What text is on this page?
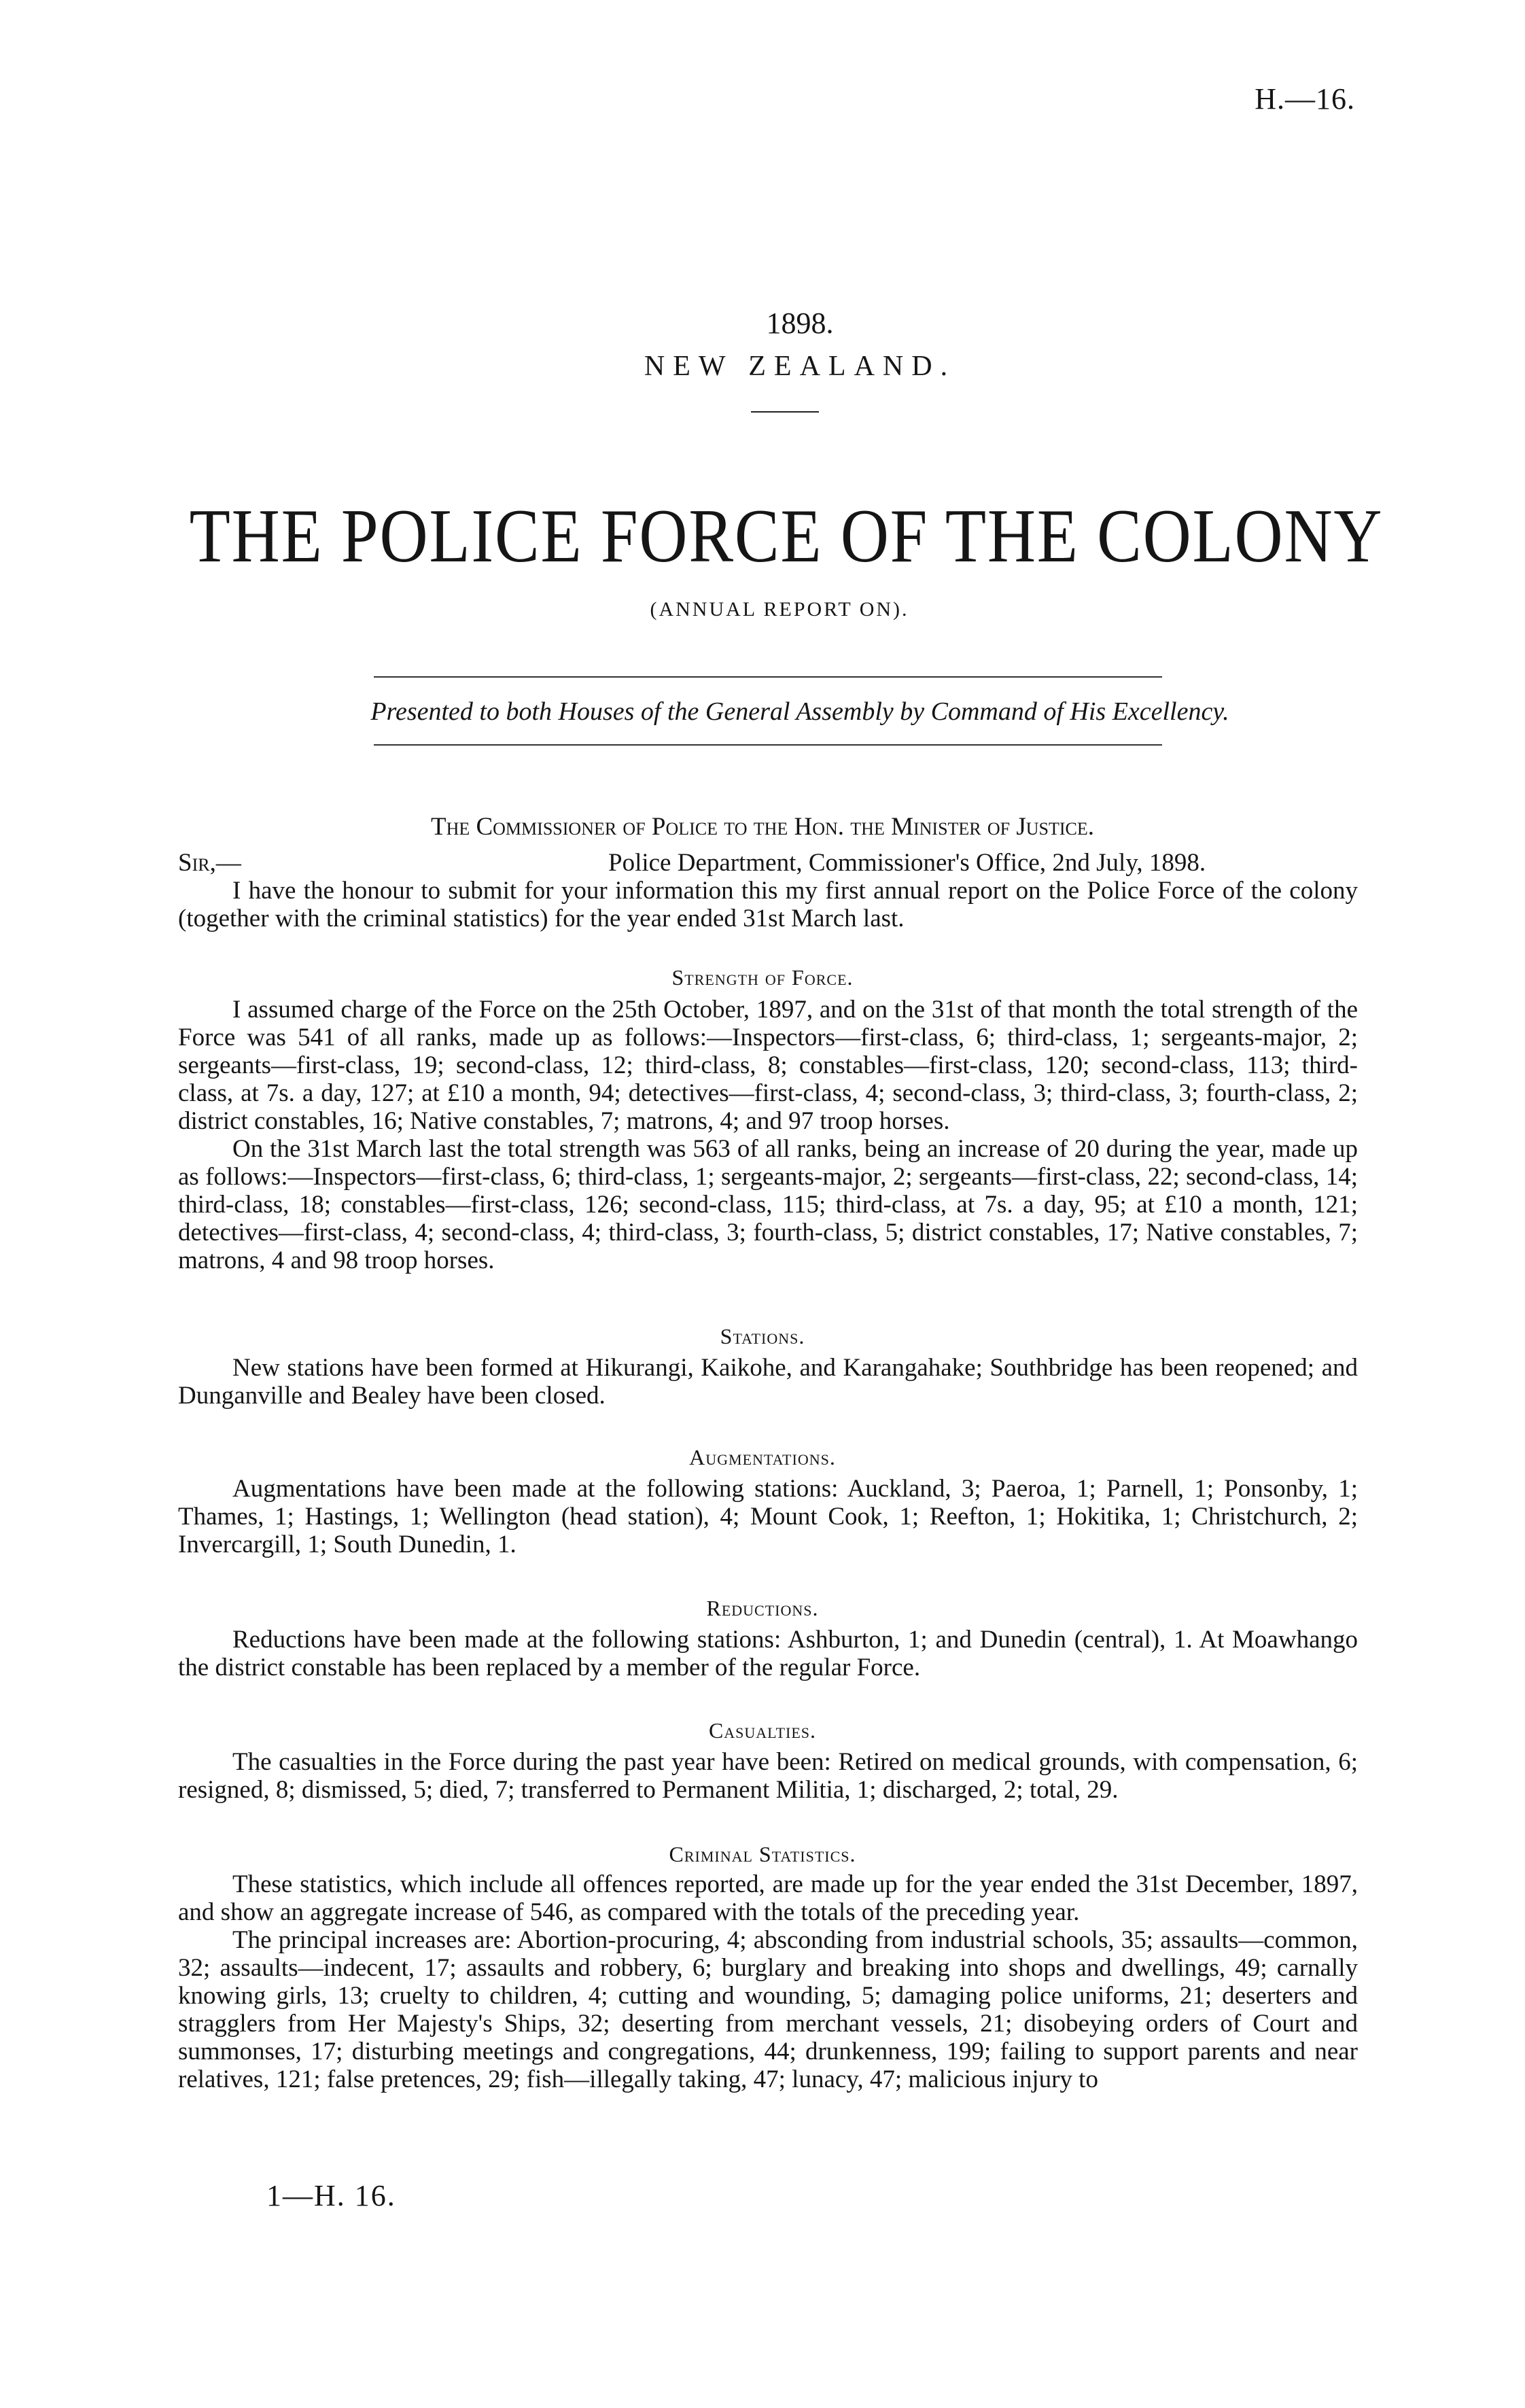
H.—16.
1898.
NEW ZEALAND.
THE POLICE FORCE OF THE COLONY
(ANNUAL REPORT ON).
Presented to both Houses of the General Assembly by Command of His Excellency.
The Commissioner of Police to the Hon. the Minister of Justice.
Sir,—	Police Department, Commissioner's Office, 2nd July, 1898.

I have the honour to submit for your information this my first annual report on the Police Force of the colony (together with the criminal statistics) for the year ended 31st March last.

Strength of Force.

I assumed charge of the Force on the 25th October, 1897, and on the 31st of that month the total strength of the Force was 541 of all ranks, made up as follows:—Inspectors—first-class, 6; third-class, 1; sergeants-major, 2; sergeants—first-class, 19; second-class, 12; third-class, 8; constables—first-class, 120; second-class, 113; third-class, at 7s. a day, 127; at £10 a month, 94; detectives—first-class, 4; second-class, 3; third-class, 3; fourth-class, 2; district constables, 16; Native constables, 7; matrons, 4; and 97 troop horses.

On the 31st March last the total strength was 563 of all ranks, being an increase of 20 during the year, made up as follows:—Inspectors—first-class, 6; third-class, 1; sergeants-major, 2; sergeants—first-class, 22; second-class, 14; third-class, 18; constables—first-class, 126; second-class, 115; third-class, at 7s. a day, 95; at £10 a month, 121; detectives—first-class, 4; second-class, 4; third-class, 3; fourth-class, 5; district constables, 17; Native constables, 7; matrons, 4 and 98 troop horses.

Stations.

New stations have been formed at Hikurangi, Kaikohe, and Karangahake; Southbridge has been reopened; and Dunganville and Bealey have been closed.

Augmentations.

Augmentations have been made at the following stations: Auckland, 3; Paeroa, 1; Parnell, 1; Ponsonby, 1; Thames, 1; Hastings, 1; Wellington (head station), 4; Mount Cook, 1; Reefton, 1; Hokitika, 1; Christchurch, 2; Invercargill, 1; South Dunedin, 1.

Reductions.

Reductions have been made at the following stations: Ashburton, 1; and Dunedin (central), 1. At Moawhango the district constable has been replaced by a member of the regular Force.

Casualties.

The casualties in the Force during the past year have been: Retired on medical grounds, with compensation, 6; resigned, 8; dismissed, 5; died, 7; transferred to Permanent Militia, 1; discharged, 2; total, 29.

Criminal Statistics.

These statistics, which include all offences reported, are made up for the year ended the 31st December, 1897, and show an aggregate increase of 546, as compared with the totals of the preceding year.

The principal increases are: Abortion-procuring, 4; absconding from industrial schools, 35; assaults—common, 32; assaults—indecent, 17; assaults and robbery, 6; burglary and breaking into shops and dwellings, 49; carnally knowing girls, 13; cruelty to children, 4; cutting and wounding, 5; damaging police uniforms, 21; deserters and stragglers from Her Majesty's Ships, 32; deserting from merchant vessels, 21; disobeying orders of Court and summonses, 17; disturbing meetings and congregations, 44; drunkenness, 199; failing to support parents and near relatives, 121; false pretences, 29; fish—illegally taking, 47; lunacy, 47; malicious injury to

1—H. 16.
